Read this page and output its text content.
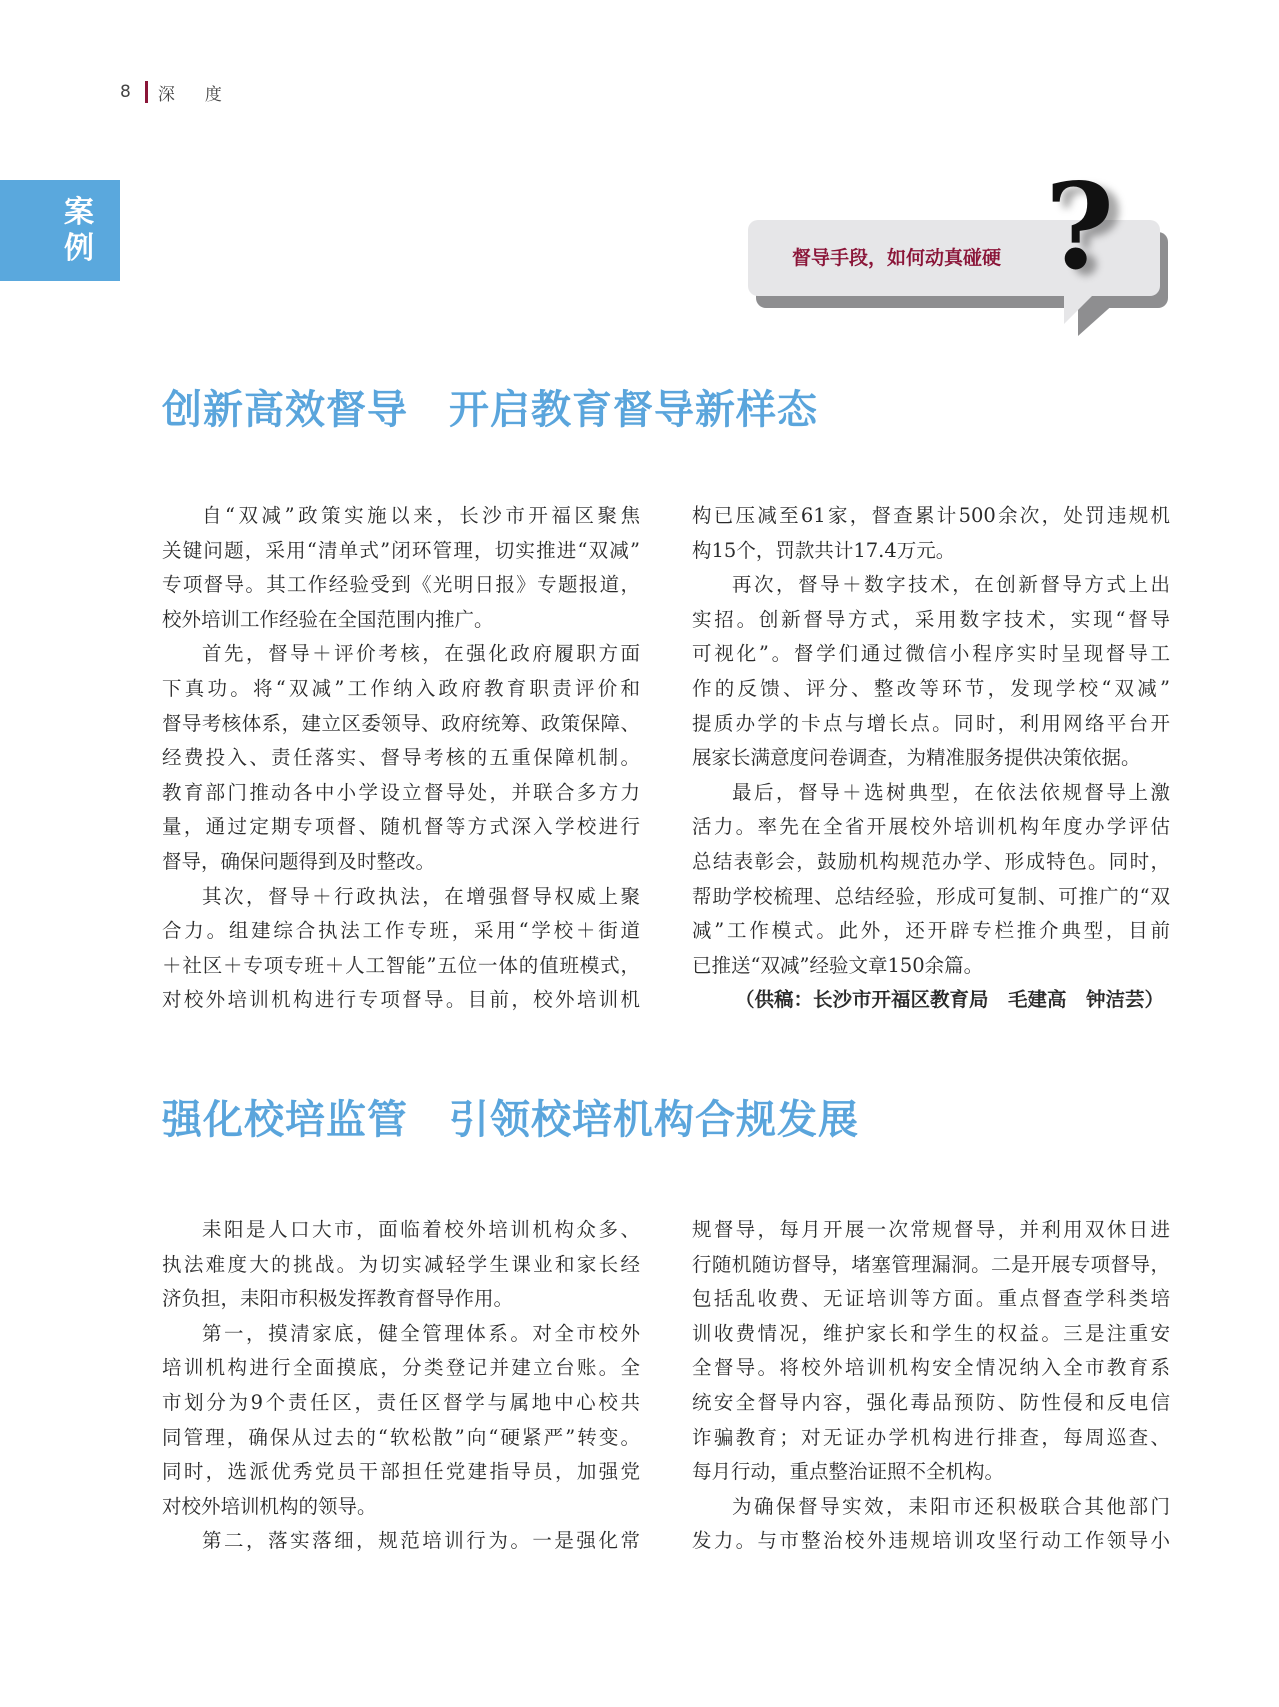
8 深度
案
例	督导手段，如何动真碰硬 ?
创新高效督导　开启教育督导新样态
自“双减”政策实施以来，长沙市开福区聚焦
关键问题，采用“清单式”闭环管理，切实推进“双减”
专项督导。其工作经验受到《光明日报》专题报道，
校外培训工作经验在全国范围内推广。
首先，督导＋评价考核，在强化政府履职方面
下真功。将“双减”工作纳入政府教育职责评价和
督导考核体系，建立区委领导、政府统筹、政策保障、
经费投入、责任落实、督导考核的五重保障机制。
教育部门推动各中小学设立督导处，并联合多方力
量，通过定期专项督、随机督等方式深入学校进行
督导，确保问题得到及时整改。
其次，督导＋行政执法，在增强督导权威上聚
合力。组建综合执法工作专班，采用“学校＋街道
＋社区＋专项专班＋人工智能”五位一体的值班模式，
对校外培训机构进行专项督导。目前，校外培训机
构已压减至61家，督查累计500余次，处罚违规机
构15个，罚款共计17.4万元。
再次，督导＋数字技术，在创新督导方式上出
实招。创新督导方式，采用数字技术，实现“督导
可视化”。督学们通过微信小程序实时呈现督导工
作的反馈、评分、整改等环节，发现学校“双减”
提质办学的卡点与增长点。同时，利用网络平台开
展家长满意度问卷调查，为精准服务提供决策依据。
最后，督导＋选树典型，在依法依规督导上激
活力。率先在全省开展校外培训机构年度办学评估
总结表彰会，鼓励机构规范办学、形成特色。同时，
帮助学校梳理、总结经验，形成可复制、可推广的“双
减”工作模式。此外，还开辟专栏推介典型，目前
已推送“双减”经验文章150余篇。
（供稿：长沙市开福区教育局　毛建高　钟洁芸）
强化校培监管　引领校培机构合规发展
耒阳是人口大市，面临着校外培训机构众多、
执法难度大的挑战。为切实减轻学生课业和家长经
济负担，耒阳市积极发挥教育督导作用。
第一，摸清家底，健全管理体系。对全市校外
培训机构进行全面摸底，分类登记并建立台账。全
市划分为9个责任区，责任区督学与属地中心校共
同管理，确保从过去的“软松散”向“硬紧严”转变。
同时，选派优秀党员干部担任党建指导员，加强党
对校外培训机构的领导。
第二，落实落细，规范培训行为。一是强化常
规督导，每月开展一次常规督导，并利用双休日进
行随机随访督导，堵塞管理漏洞。二是开展专项督导，
包括乱收费、无证培训等方面。重点督查学科类培
训收费情况，维护家长和学生的权益。三是注重安
全督导。将校外培训机构安全情况纳入全市教育系
统安全督导内容，强化毒品预防、防性侵和反电信
诈骗教育；对无证办学机构进行排查，每周巡查、
每月行动，重点整治证照不全机构。
为确保督导实效，耒阳市还积极联合其他部门
发力。与市整治校外违规培训攻坚行动工作领导小
